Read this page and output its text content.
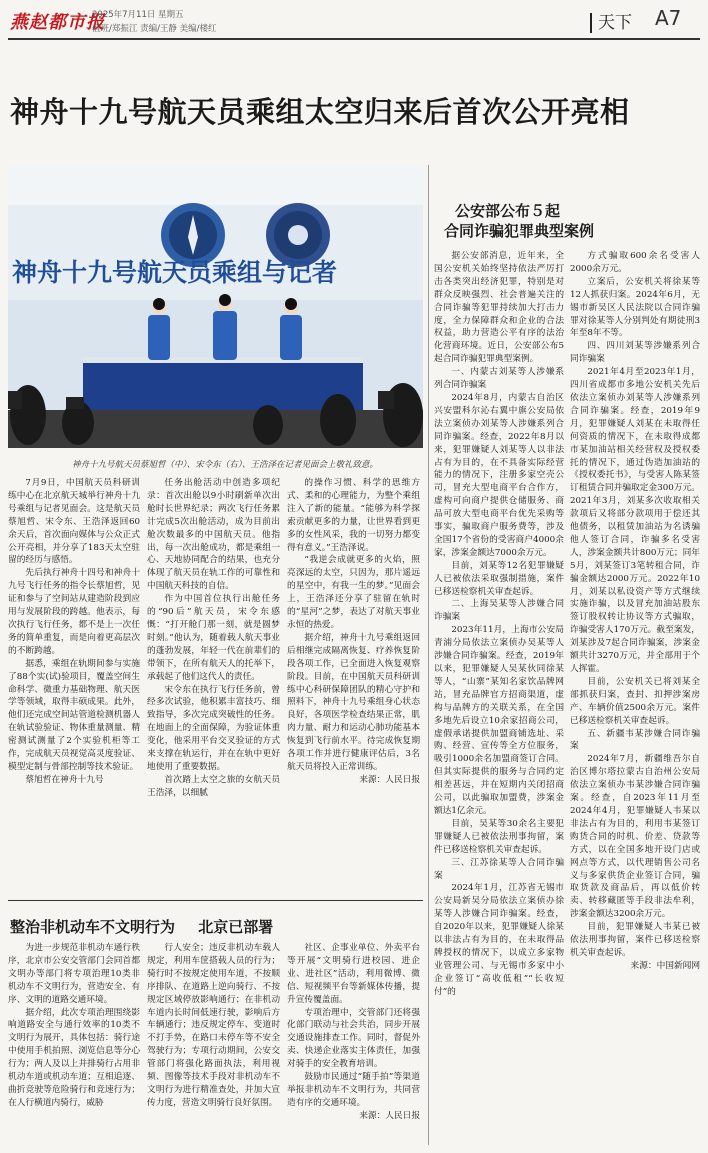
燕赵都市报
2025年7月11日 星期五
值班/郑振江 责编/王静 美编/楼红	天下	A7
神舟十九号航天员乘组太空归来后首次公开亮相
神舟十九号航天员乘组与记者
神舟十九号航天员蔡旭哲（中）、宋令东（右）、王浩泽在记者见面会上敬礼致意。

7月9日，中国航天员科研训练中心在北京航天城举行神舟十九号乘组与记者见面会。这是航天员蔡旭哲、宋令东、王浩泽返回60余天后，首次面向媒体与公众正式公开亮相，并分享了183天太空驻留的经历与感悟。

先后执行神舟十四号和神舟十九号飞行任务的指令长蔡旭哲，见证和参与了空间站从建造阶段到应用与发展阶段的跨越。他表示，每次执行飞行任务，都不是上一次任务的简单重复，而是向着更高层次的不断跨越。

据悉，乘组在轨期间参与实施了88个实(试)验项目，覆盖空间生命科学、微重力基础物理、航天医学等领域，取得丰硕成果。此外，他们还完成空间站管道检测机器人在轨试验验证、物体重量测量、精密测试测量了2个实验机柜等工作，完成航天员视觉高灵度验证、模型定制与骨部控制等技术验证。

蔡旭哲在神舟十九号

任务出舱活动中创造多项纪录：首次出舱以9小时刷新单次出舱时长世界纪录；两次飞行任务累计完成5次出舱活动，成为目前出舱次数最多的中国航天员。他指出，每一次出舱成功，都是乘组一心、天地协同配合的结果，也充分体现了航天员在轨工作的可靠性和中国航天科技的自信。

作为中国首位执行出舱任务的“90后”航天员，宋令东感慨：“打开舱门那一刻，就是圆梦时刻。”他认为，随着载人航天事业的蓬勃发展，年轻一代在前辈们的带领下，在所有航天人的托举下，承载起了他们这代人的责任。

宋令东在执行飞行任务前，曾经多次试验，他积累丰富技巧、细致指导，多次完成突破性的任务。在地面上的全面保障，为验证体重变化，他采用平台交叉验证的方式来支撑在轨运行，并在在轨中更好地使用了重要数据。

首次踏上太空之旅的女航天员王浩泽，以细腻

的操作习惯、科学的思维方式、柔和的心理能力，为整个乘组注入了新的能量。“能够为科学探索贡献更多的力量，让世界看到更多的女性风采，我的一切努力都变得有意义。”王浩泽说。

“我逆会成就更多的火焰，照亮深远的太空，只因为，那片遥远的星空中，有我一生的梦。”见面会上，王浩泽还分享了驻留在轨时的“星河”之梦，表达了对航天事业永恒的热爱。

据介绍，神舟十九号乘组返回后相继完成隔离恢复、疗养恢复阶段各项工作，已全面进入恢复观察阶段。目前，在中国航天员科研训练中心科研保障团队的精心守护和照料下，神舟十九号乘组身心状态良好，各项医学检查结果正常，肌肉力量、耐力和运动心肺功能基本恢复到飞行前水平。待完成恢复期各项工作并进行健康评估后，3名航天员将投入正常训练。

来源：人民日报

公安部公布５起
合同诈骗犯罪典型案例

据公安部消息，近年来，全国公安机关始终坚持依法严厉打击各类突出经济犯罪，特别是对群众反映强烈、社会普遍关注的合同诈骗等犯罪持续加大打击力度，全力保障群众和企业的合法权益，助力营造公平有序的法治化营商环境。近日，公安部公布5起合同诈骗犯罪典型案例。

一、内蒙古刘某等人涉嫌系列合同诈骗案

2024年8月，内蒙古自治区兴安盟科尔沁右翼中旗公安局依法立案侦办刘某等人涉嫌系列合同诈骗案。经查，2022年8月以来，犯罪嫌疑人刘某等人以非法占有为目的，在不具备实际经营能力的情况下，注册多家空壳公司，冒充大型电商平台合作方，虚构可向商户提供仓储服务、商品可放大型电商平台优先采购等事实，骗取商户服务费等，涉及全国17个省份的受害商户4000余家，涉案金额达7000余万元。

目前，刘某等12名犯罪嫌疑人已被依法采取强制措施，案件已移送检察机关审查起诉。

二、上海吴某等人涉嫌合同诈骗案

2023年11月，上海市公安局青浦分局依法立案侦办吴某等人涉嫌合同诈骗案。经查，2019年以来，犯罪嫌疑人吴某伙同徐某等人，“山寨”某知名家饮品牌网站，冒充品牌官方招商渠道，虚构与品牌方的关联关系，在全国多地先后设立10余家招商公司，虚假承诺提供加盟商铺选址、采购、经营、宣传等全方位服务，吸引1000余名加盟商签订合同。但其实际提供的服务与合同约定相差甚远，并在短期内关闭招商公司，以此骗取加盟费，涉案金额达1亿余元。

目前，吴某等30余名主要犯罪嫌疑人已被依法刑事拘留，案件已移送检察机关审查起诉。

三、江苏徐某等人合同诈骗案

2024年1月，江苏省无锡市公安局新吴分局依法立案侦办徐某等人涉嫌合同诈骗案。经查，自2020年以来，犯罪嫌疑人徐某以非法占有为目的，在未取得品牌授权的情况下，以成立多家物业管理公司、与无锡市多家中小企业签订“高收低租”“长收短付”的

方式骗取600余名受害人2000余万元。

立案后，公安机关将徐某等12人抓获归案。2024年6月，无锡市新吴区人民法院以合同诈骗罪对徐某等人分别判处有期徒刑3年至8年不等。

四、四川刘某等涉嫌系列合同诈骗案

2021年4月至2023年1月，四川省成都市多地公安机关先后依法立案侦办刘某等人涉嫌系列合同诈骗案。经查，2019年9月，犯罪嫌疑人刘某在未取得任何资质的情况下，在未取得成都市某加油站相关经营权及授权委托的情况下，通过伪造加油站的《授权委托书》，与受害人陈某签订租赁合同并骗取定金300万元。2021年3月，刘某多次收取相关款项后又将部分款项用于偿还其他债务，以租赁加油站为名诱骗他人签订合同，诈骗多名受害人，涉案金额共计800万元；同年5月，刘某签订3笔转租合同，诈骗金额达2000万元。2022年10月，刘某以私设资产等方式继续实施诈骗，以及冒充加油站股东签订股权转让协议等方式骗取，诈骗受害人170万元。截至案发，刘某涉及7起合同诈骗案，涉案金额共计3270万元，并全部用于个人挥霍。

目前，公安机关已将刘某全部抓获归案，查封、扣押涉案房产、车辆价值2500余万元。案件已移送检察机关审查起诉。

五、新疆韦某涉嫌合同诈骗案

2024年7月，新疆维吾尔自治区博尔塔拉蒙古自治州公安局依法立案侦办韦某涉嫌合同诈骗案。经查，自2023年11月至2024年4月，犯罪嫌疑人韦某以非法占有为目的，利用韦某签订购货合同的时机、价差、贷款等方式，以在全国多地开设门店或网点等方式，以代理销售公司名义与多家供货企业签订合同，骗取货款及商品后，再以低价转卖、转移藏匿等手段非法牟利，涉案金额达3200余万元。

目前，犯罪嫌疑人韦某已被依法刑事拘留，案件已移送检察机关审查起诉。

来源：中国新闻网

整治非机动车不文明行为 北京已部署

为进一步规范非机动车通行秩序，北京市公安交管部门会同首都文明办等部门将专项治理10类非机动车不文明行为，营造安全、有序、文明的道路交通环境。

据介绍，此次专项治理围绕影响道路安全与通行效率的10类不文明行为展开，具体包括：骑行途中使用手机拍照、浏览信息等分心行为；两人及以上并排骑行占用非机动车道或机动车道；互相追逐、曲折竞驶等危险骑行和竞速行为；在人行横道内骑行，威胁

行人安全；违反非机动车载人规定，利用车筐搭载人员的行为；骑行时不按规定使用车道，不按顺序排队、在道路上逆向骑行、不按规定区域停放影响通行；在非机动车道内长时间低速行驶，影响后方车辆通行；违反规定停车、变道时不打手势，在路口未停车等不安全驾驶行为；专项行动期间，公安交管部门将强化路面执法，利用视频、图像等技术手段对非机动车不文明行为进行精准查处，并加大宣传力度，营造文明骑行良好氛围。

社区、企事业单位、外卖平台等开展“文明骑行进校园、进企业、进社区”活动，利用微博、微信、短视频平台等新媒体传播，提升宣传覆盖面。

专项治理中，交管部门还将强化部门联动与社会共治，同步开展交通设施排查工作。同时，督促外卖、快递企业落实主体责任，加强对骑手的安全教育培训。

鼓励市民通过“随手拍”等渠道举报非机动车不文明行为，共同营造有序的交通环境。

来源：人民日报
